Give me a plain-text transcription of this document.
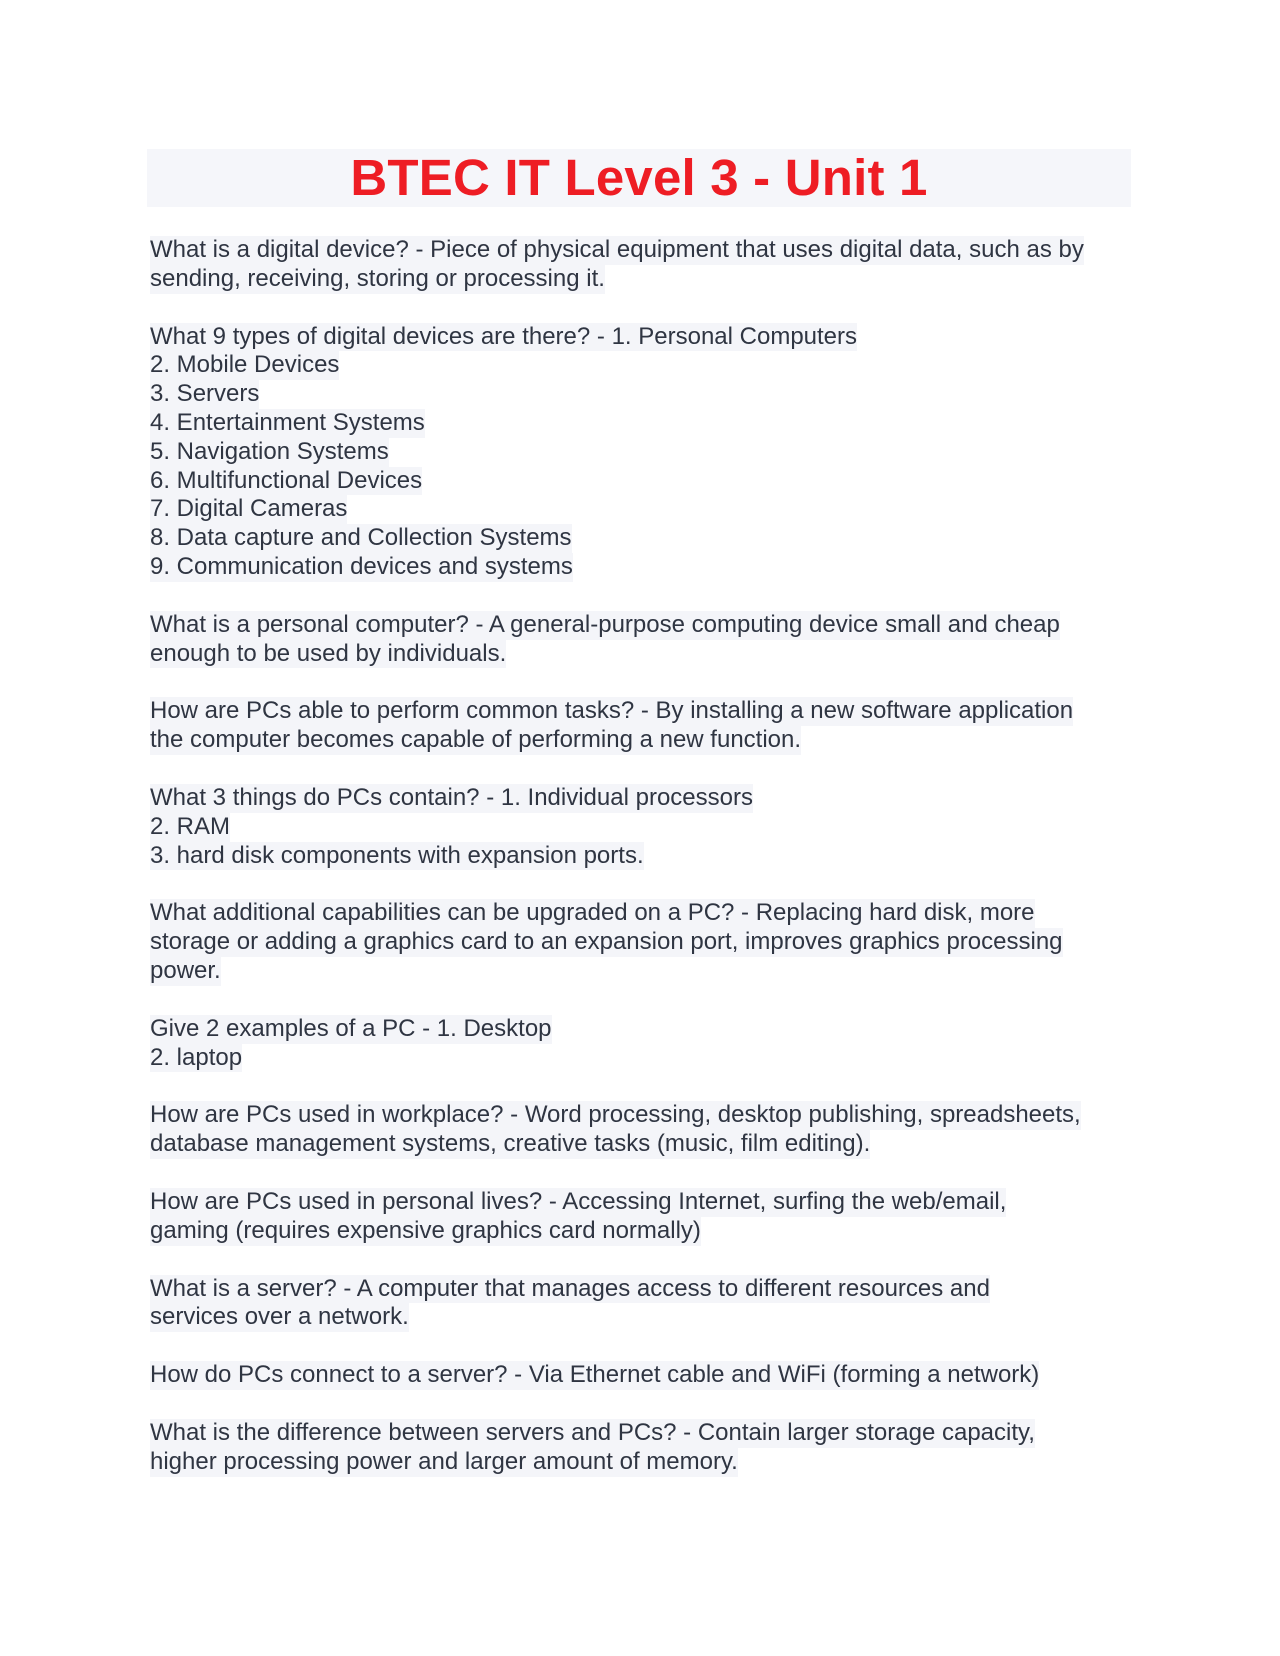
BTEC IT Level 3 - Unit 1
What is a digital device? - Piece of physical equipment that uses digital data, such as by
sending, receiving, storing or processing it.
What 9 types of digital devices are there? - 1. Personal Computers
2. Mobile Devices
3. Servers
4. Entertainment Systems
5. Navigation Systems
6. Multifunctional Devices
7. Digital Cameras
8. Data capture and Collection Systems
9. Communication devices and systems
What is a personal computer? - A general-purpose computing device small and cheap
enough to be used by individuals.
How are PCs able to perform common tasks? - By installing a new software application
the computer becomes capable of performing a new function.
What 3 things do PCs contain? - 1. Individual processors
2. RAM
3. hard disk components with expansion ports.
What additional capabilities can be upgraded on a PC? - Replacing hard disk, more
storage or adding a graphics card to an expansion port, improves graphics processing
power.
Give 2 examples of a PC - 1. Desktop
2. laptop
How are PCs used in workplace? - Word processing, desktop publishing, spreadsheets,
database management systems, creative tasks (music, film editing).
How are PCs used in personal lives? - Accessing Internet, surfing the web/email,
gaming (requires expensive graphics card normally)
What is a server? - A computer that manages access to different resources and
services over a network.
How do PCs connect to a server? - Via Ethernet cable and WiFi (forming a network)
What is the difference between servers and PCs? - Contain larger storage capacity,
higher processing power and larger amount of memory.
